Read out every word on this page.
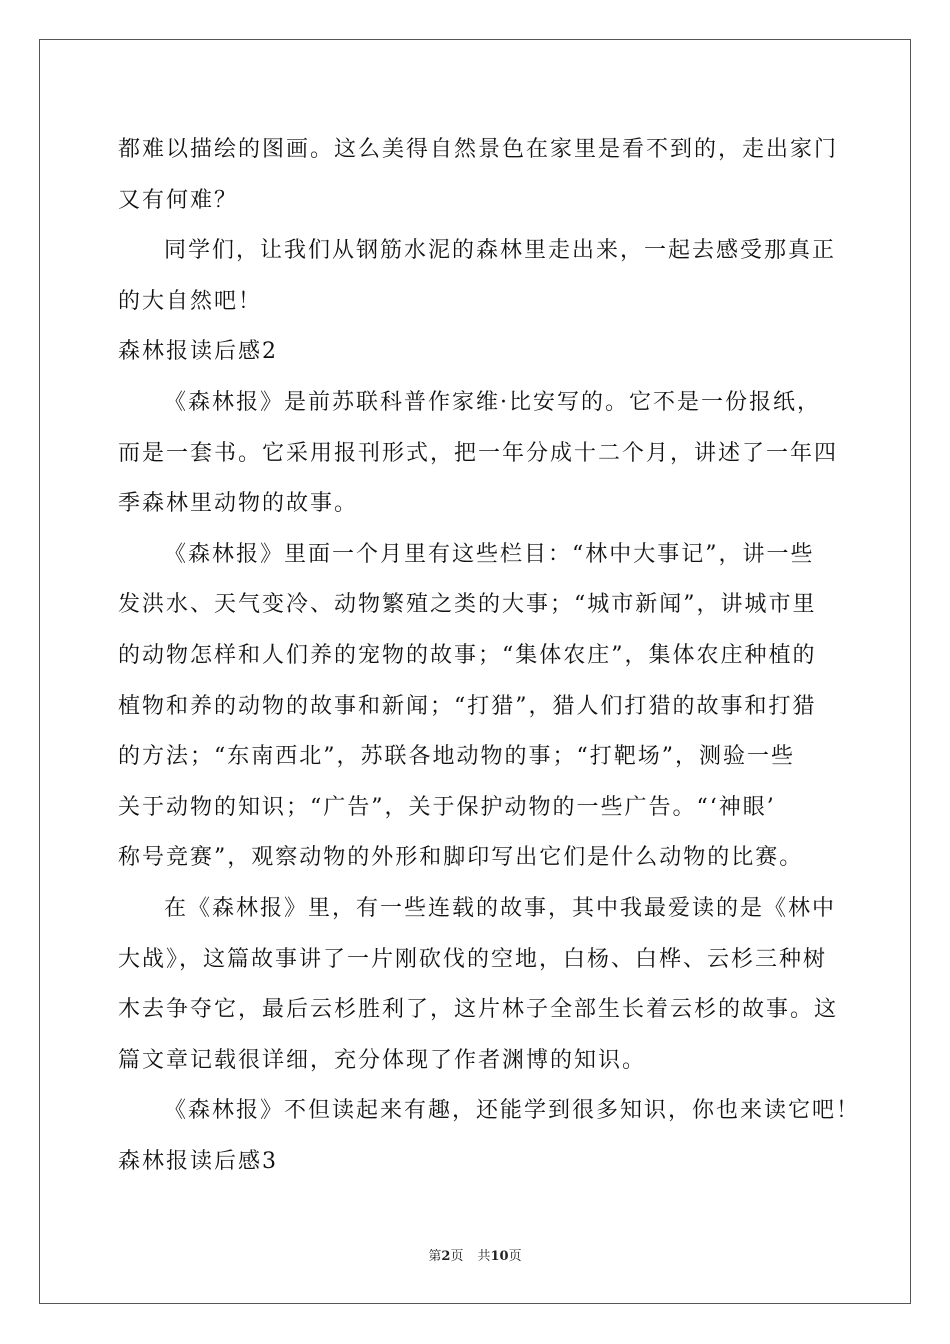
都难以描绘的图画。这么美得自然景色在家里是看不到的，走出家门
又有何难？
同学们，让我们从钢筋水泥的森林里走出来，一起去感受那真正
的大自然吧！
森林报读后感2
《森林报》是前苏联科普作家维·比安写的。它不是一份报纸，
而是一套书。它采用报刊形式，把一年分成十二个月，讲述了一年四
季森林里动物的故事。
《森林报》里面一个月里有这些栏目：“林中大事记”，讲一些
发洪水、天气变冷、动物繁殖之类的大事；“城市新闻”，讲城市里
的动物怎样和人们养的宠物的故事；“集体农庄”，集体农庄种植的
植物和养的动物的故事和新闻；“打猎”，猎人们打猎的故事和打猎
的方法；“东南西北”，苏联各地动物的事；“打靶场”，测验一些
关于动物的知识；“广告”，关于保护动物的一些广告。“‘神眼’
称号竞赛”，观察动物的外形和脚印写出它们是什么动物的比赛。
在《森林报》里，有一些连载的故事，其中我最爱读的是《林中
大战》，这篇故事讲了一片刚砍伐的空地，白杨、白桦、云杉三种树
木去争夺它，最后云杉胜利了，这片林子全部生长着云杉的故事。这
篇文章记载很详细，充分体现了作者渊博的知识。
《森林报》不但读起来有趣，还能学到很多知识，你也来读它吧！
森林报读后感3
第2页 共10页
